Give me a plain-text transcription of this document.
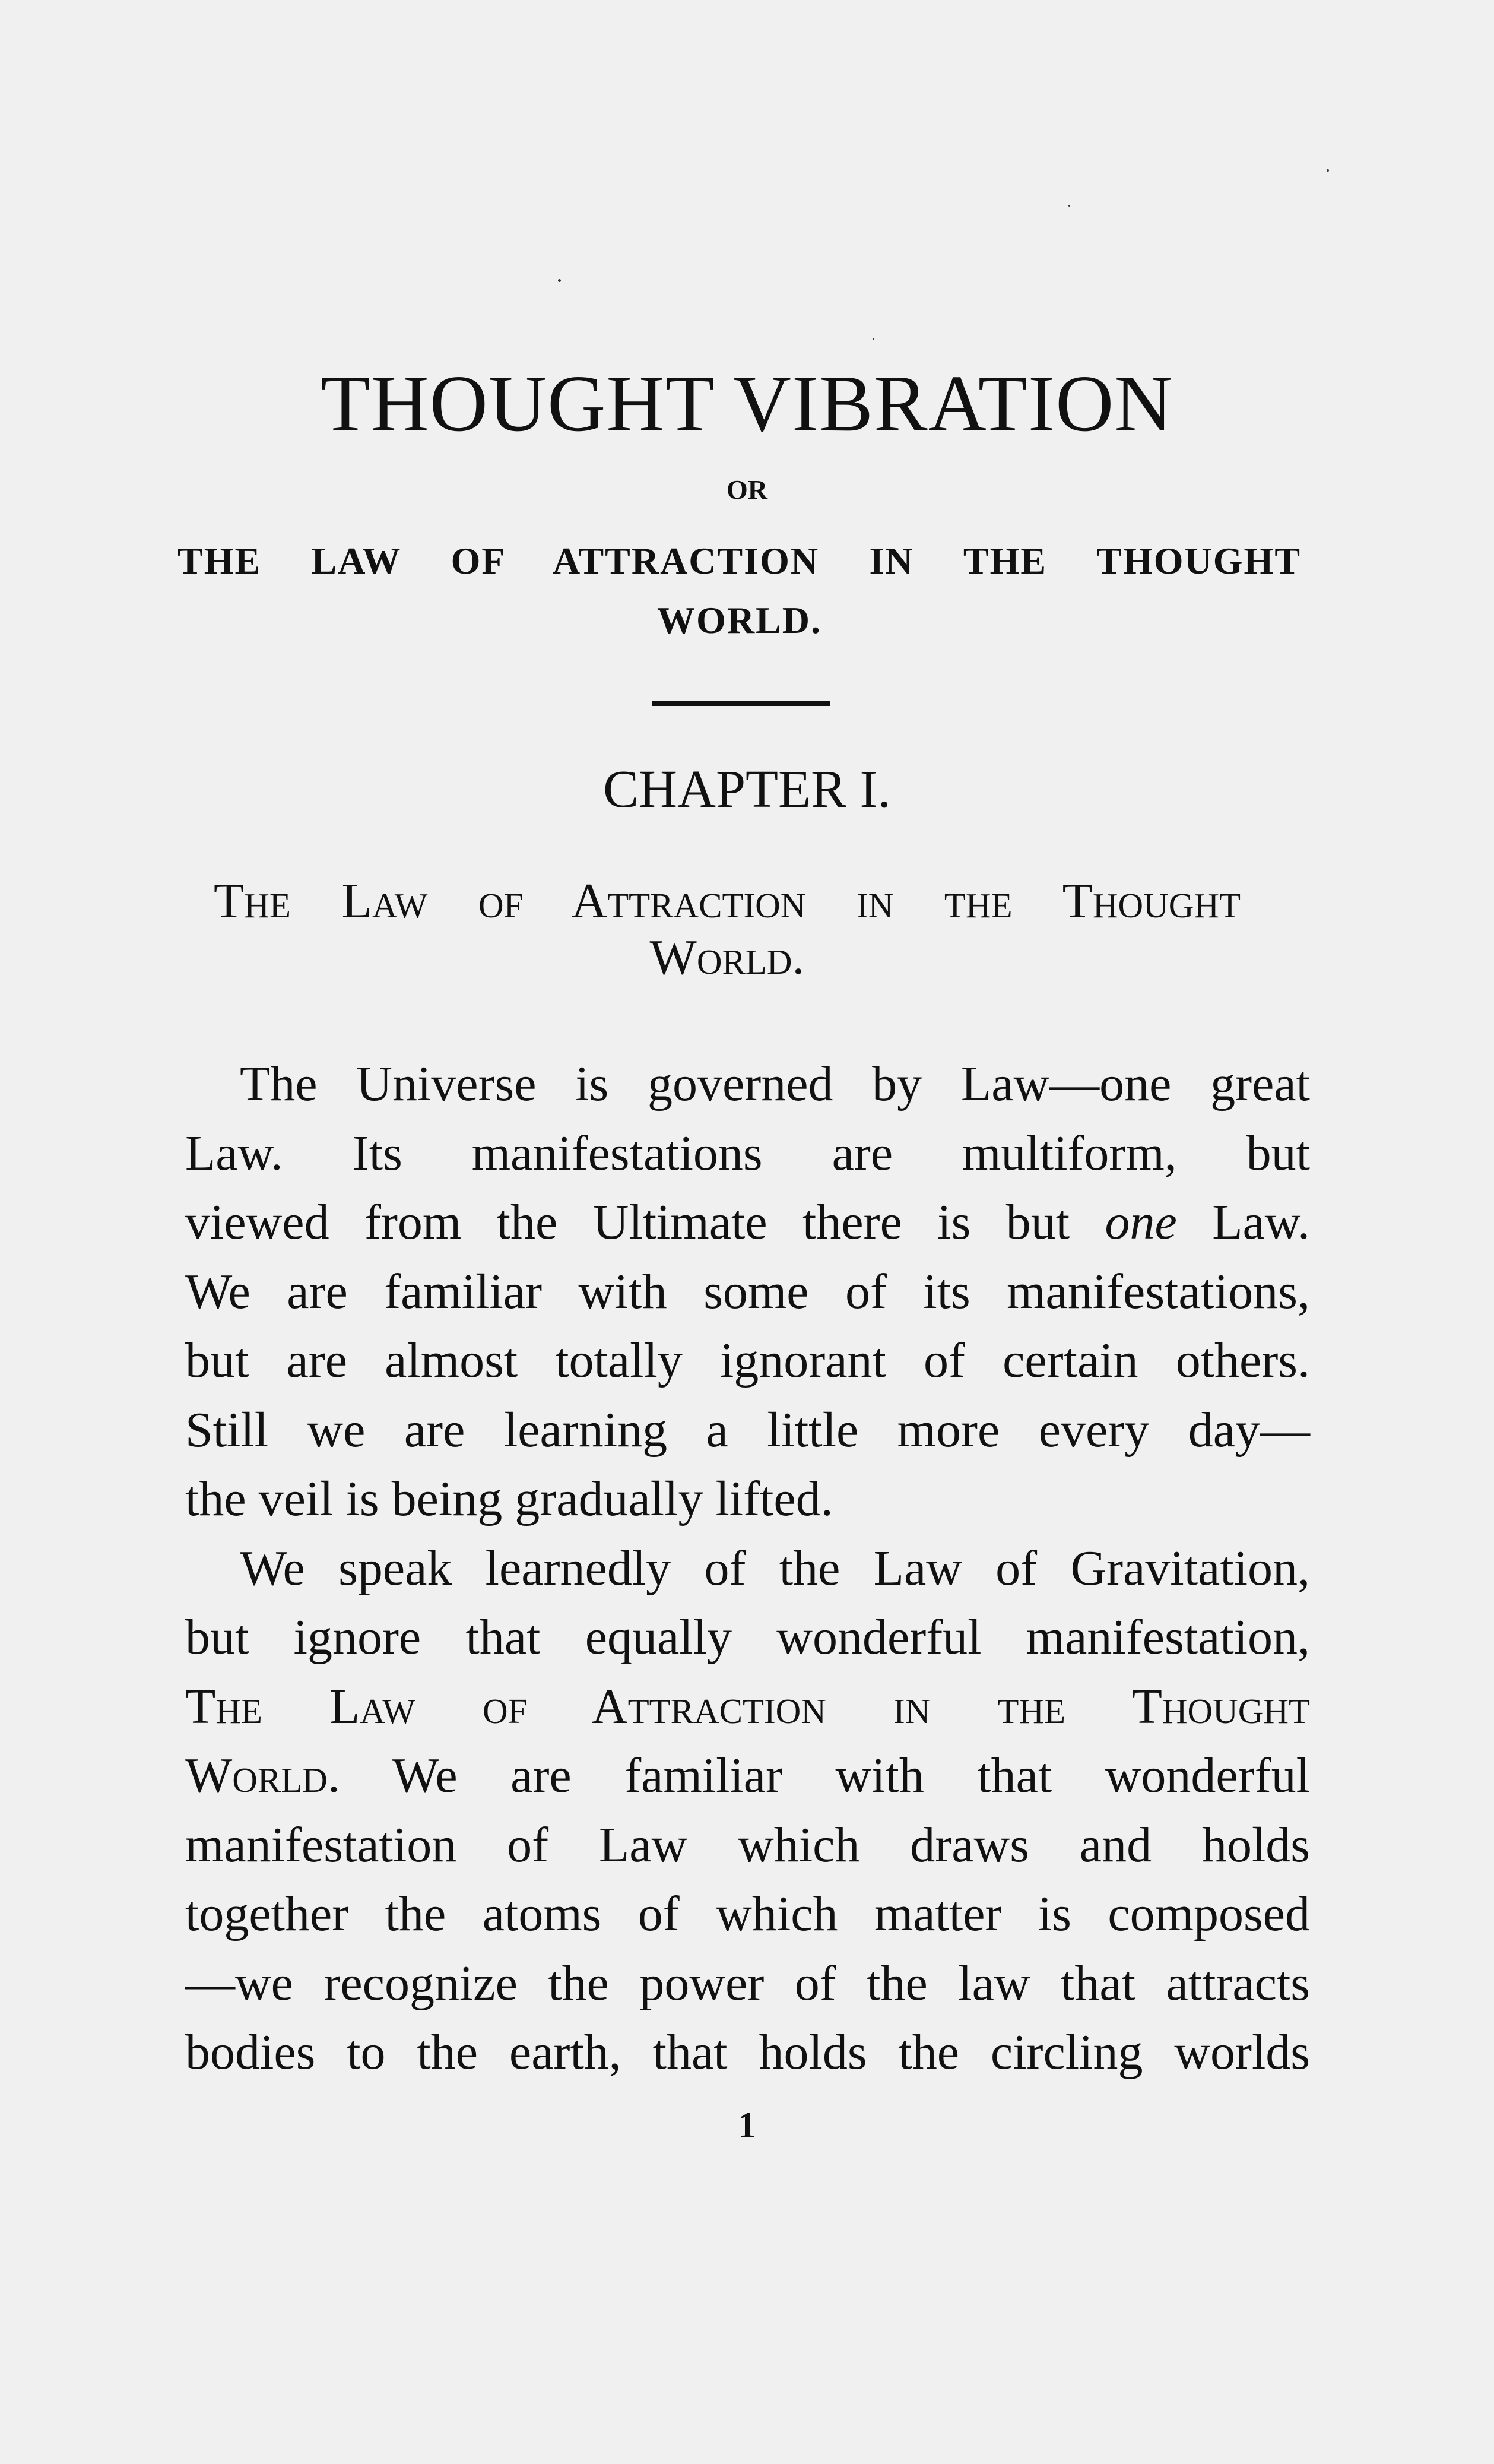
THOUGHT VIBRATION
OR
THE LAW OF ATTRACTION IN THE THOUGHT
WORLD.
CHAPTER I.
The Law of Attraction in the Thought
World.
The Universe is governed by Law—one great
Law. Its manifestations are multiform, but
viewed from the Ultimate there is but one Law.
We are familiar with some of its manifestations,
but are almost totally ignorant of certain others.
Still we are learning a little more every day—
the veil is being gradually lifted.
We speak learnedly of the Law of Gravitation,
but ignore that equally wonderful manifestation,
The Law of Attraction in the Thought
World. We are familiar with that wonderful
manifestation of Law which draws and holds
together the atoms of which matter is composed
—we recognize the power of the law that attracts
bodies to the earth, that holds the circling worlds
1
